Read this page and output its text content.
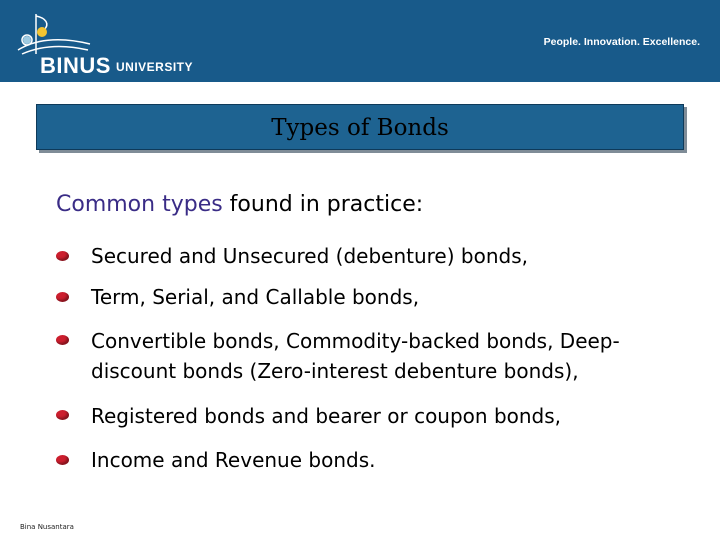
BINUS UNIVERSITY
People. Innovation. Excellence.
Types of Bonds
Common types found in practice:
Secured and Unsecured (debenture) bonds,
Term, Serial, and Callable bonds,
Convertible bonds, Commodity-backed bonds, Deep-discount bonds (Zero-interest debenture bonds),
Registered bonds and bearer or coupon bonds,
Income and Revenue bonds.
Bina Nusantara
